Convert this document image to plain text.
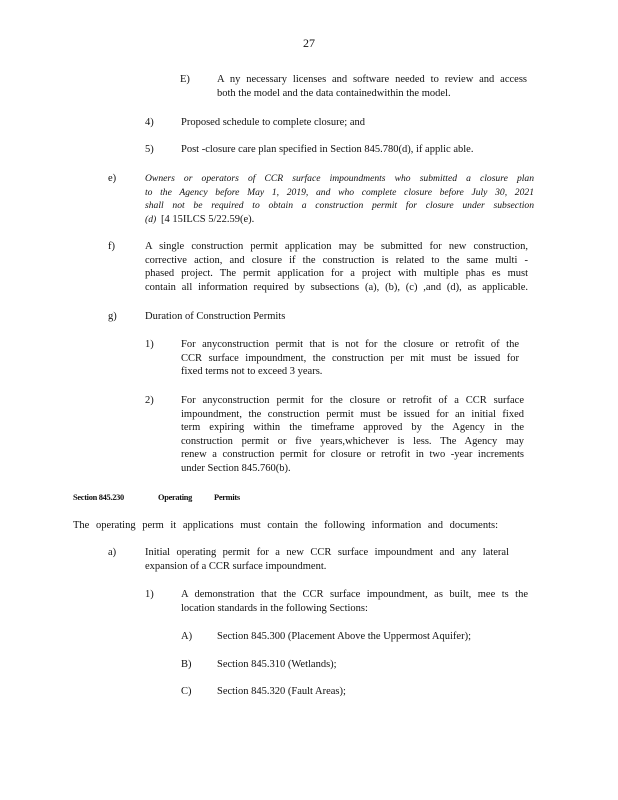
27
E)	A ny necessary licenses and software needed to review and access
both the model and the data containedwithin the model.
4)	Proposed schedule to complete closure; and
5)	Post -closure care plan specified in Section 845.780(d), if applic able.
e)	Owners or operators of CCR surface impoundments who submitted a closure plan
to the Agency before May 1, 2019, and who complete closure before July 30, 2021
shall not be required to obtain a construction permit for closure under subsection
(d) [4 15ILCS 5/22.59(e).
f)	A single construction permit application may be submitted for new construction,
corrective action, and closure if the construction is related to the same multi -
phased project. The permit application for a project with multiple phas es must
contain all information required by subsections (a), (b), (c) ,and (d), as applicable.
g)	Duration of Construction Permits
1)	For anyconstruction permit that is not for the closure or retrofit of the
CCR surface impoundment, the construction per mit must be issued for
fixed terms not to exceed 3 years.
2)	For anyconstruction permit for the closure or retrofit of a CCR surface
impoundment, the construction permit must be issued for an initial fixed
term expiring within the timeframe approved by the Agency in the
construction permit or five years,whichever is less. The Agency may
renew a construction permit for closure or retrofit in two -year increments
under Section 845.760(b).
Section 845.230	Operating	Permits
The operating perm it applications must contain the following information and documents:
a)	Initial operating permit for a new CCR surface impoundment and any lateral
expansion of a CCR surface impoundment.
1)	A demonstration that the CCR surface impoundment, as built, mee ts the
location standards in the following Sections:
A) Section 845.300 (Placement Above the Uppermost Aquifer);
B) Section 845.310 (Wetlands);
C) Section 845.320 (Fault Areas);
